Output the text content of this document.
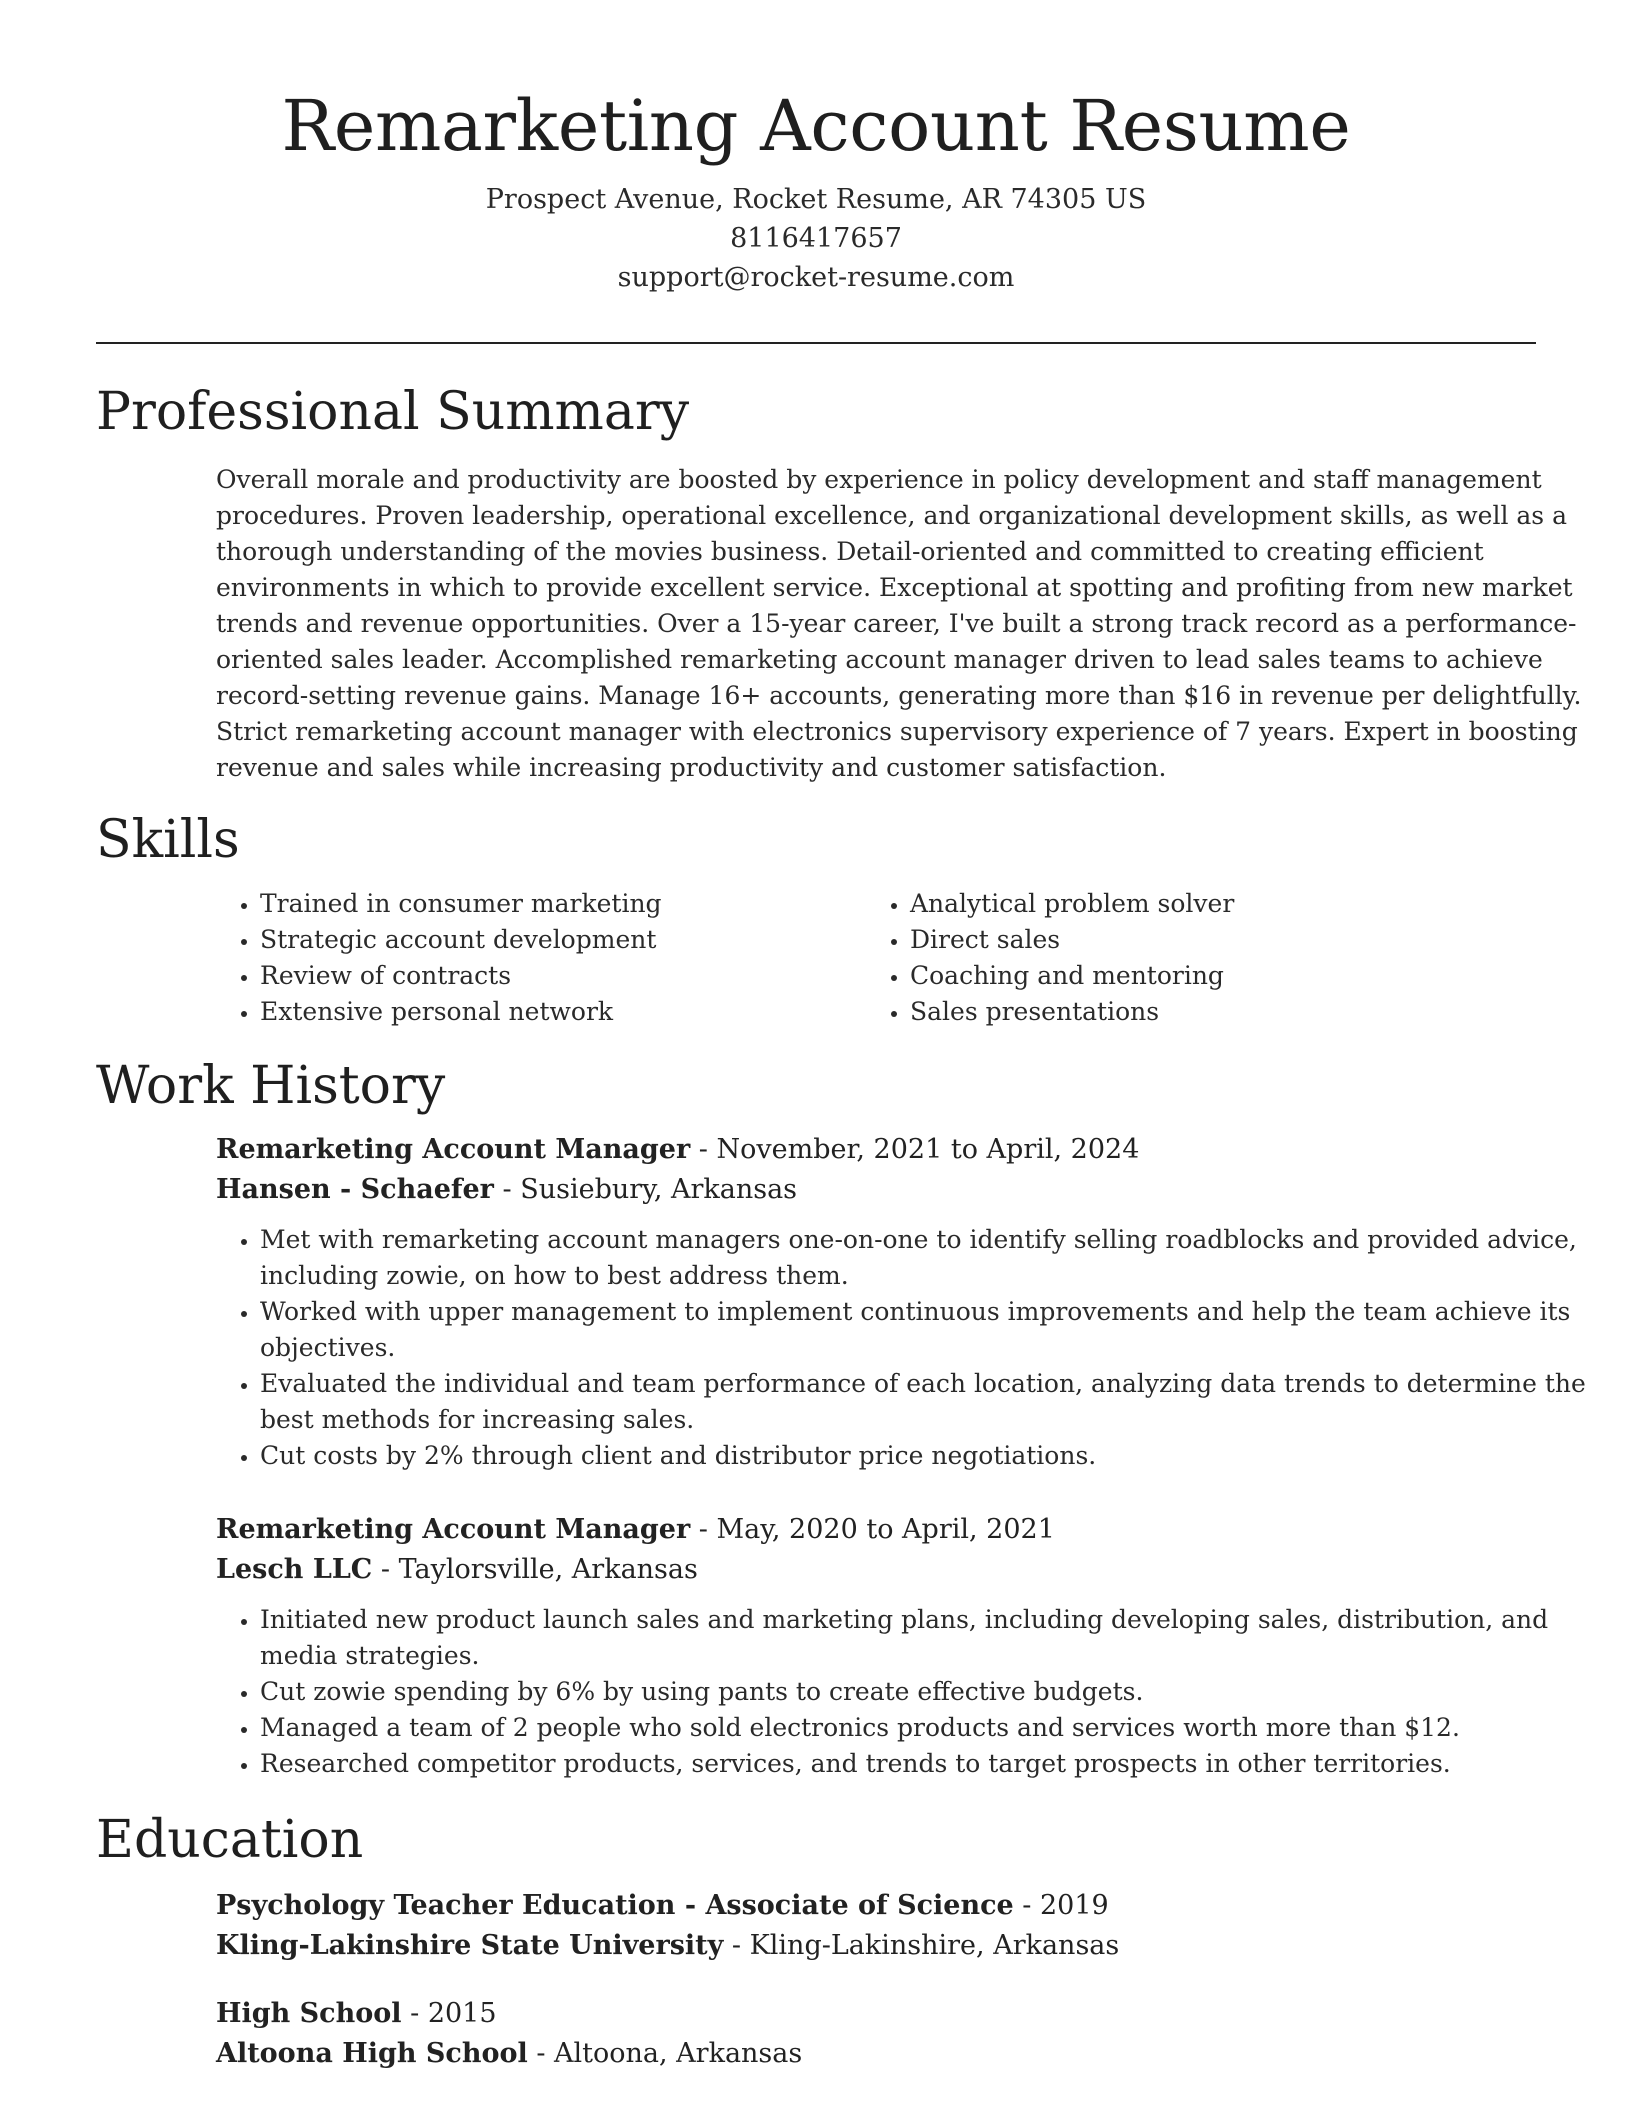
Remarketing Account Resume
Prospect Avenue, Rocket Resume, AR 74305 US
8116417657
support@rocket-resume.com
Professional Summary
Overall morale and productivity are boosted by experience in policy development and staff management procedures. Proven leadership, operational excellence, and organizational development skills, as well as a thorough understanding of the movies business. Detail-oriented and committed to creating efficient environments in which to provide excellent service. Exceptional at spotting and profiting from new market trends and revenue opportunities. Over a 15-year career, I've built a strong track record as a performance-oriented sales leader. Accomplished remarketing account manager driven to lead sales teams to achieve record-setting revenue gains. Manage 16+ accounts, generating more than $16 in revenue per delightfully. Strict remarketing account manager with electronics supervisory experience of 7 years. Expert in boosting revenue and sales while increasing productivity and customer satisfaction.
Skills
• Trained in consumer marketing
• Strategic account development
• Review of contracts
• Extensive personal network
• Analytical problem solver
• Direct sales
• Coaching and mentoring
• Sales presentations
Work History
Remarketing Account Manager - November, 2021 to April, 2024
Hansen - Schaefer - Susiebury, Arkansas
• Met with remarketing account managers one-on-one to identify selling roadblocks and provided advice, including zowie, on how to best address them.
• Worked with upper management to implement continuous improvements and help the team achieve its objectives.
• Evaluated the individual and team performance of each location, analyzing data trends to determine the best methods for increasing sales.
• Cut costs by 2% through client and distributor price negotiations.
Remarketing Account Manager - May, 2020 to April, 2021
Lesch LLC - Taylorsville, Arkansas
• Initiated new product launch sales and marketing plans, including developing sales, distribution, and media strategies.
• Cut zowie spending by 6% by using pants to create effective budgets.
• Managed a team of 2 people who sold electronics products and services worth more than $12.
• Researched competitor products, services, and trends to target prospects in other territories.
Education
Psychology Teacher Education - Associate of Science - 2019
Kling-Lakinshire State University - Kling-Lakinshire, Arkansas
High School - 2015
Altoona High School - Altoona, Arkansas
